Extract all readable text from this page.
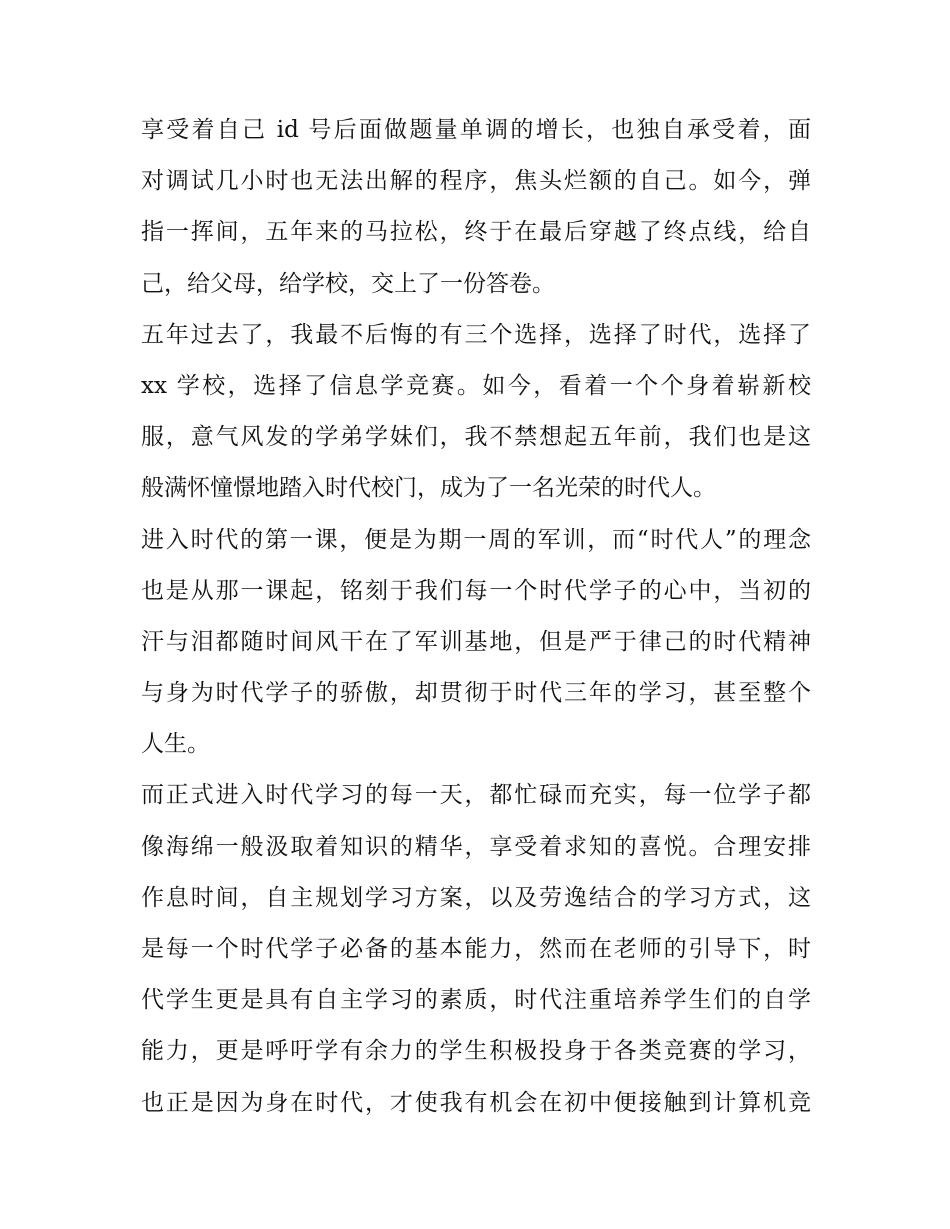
享受着自己 id 号后面做题量单调的增长，也独自承受着，面
对调试几小时也无法出解的程序，焦头烂额的自己。如今，弹
指一挥间，五年来的马拉松，终于在最后穿越了终点线，给自
己，给父母，给学校，交上了一份答卷。
五年过去了，我最不后悔的有三个选择，选择了时代，选择了
xx 学校，选择了信息学竞赛。如今，看着一个个身着崭新校
服，意气风发的学弟学妹们，我不禁想起五年前，我们也是这
般满怀憧憬地踏入时代校门，成为了一名光荣的时代人。
进入时代的第一课，便是为期一周的军训，而“时代人”的理念
也是从那一课起，铭刻于我们每一个时代学子的心中，当初的
汗与泪都随时间风干在了军训基地，但是严于律己的时代精神
与身为时代学子的骄傲，却贯彻于时代三年的学习，甚至整个
人生。
而正式进入时代学习的每一天，都忙碌而充实，每一位学子都
像海绵一般汲取着知识的精华，享受着求知的喜悦。合理安排
作息时间，自主规划学习方案，以及劳逸结合的学习方式，这
是每一个时代学子必备的基本能力，然而在老师的引导下，时
代学生更是具有自主学习的素质，时代注重培养学生们的自学
能力，更是呼吁学有余力的学生积极投身于各类竞赛的学习，
也正是因为身在时代，才使我有机会在初中便接触到计算机竞
